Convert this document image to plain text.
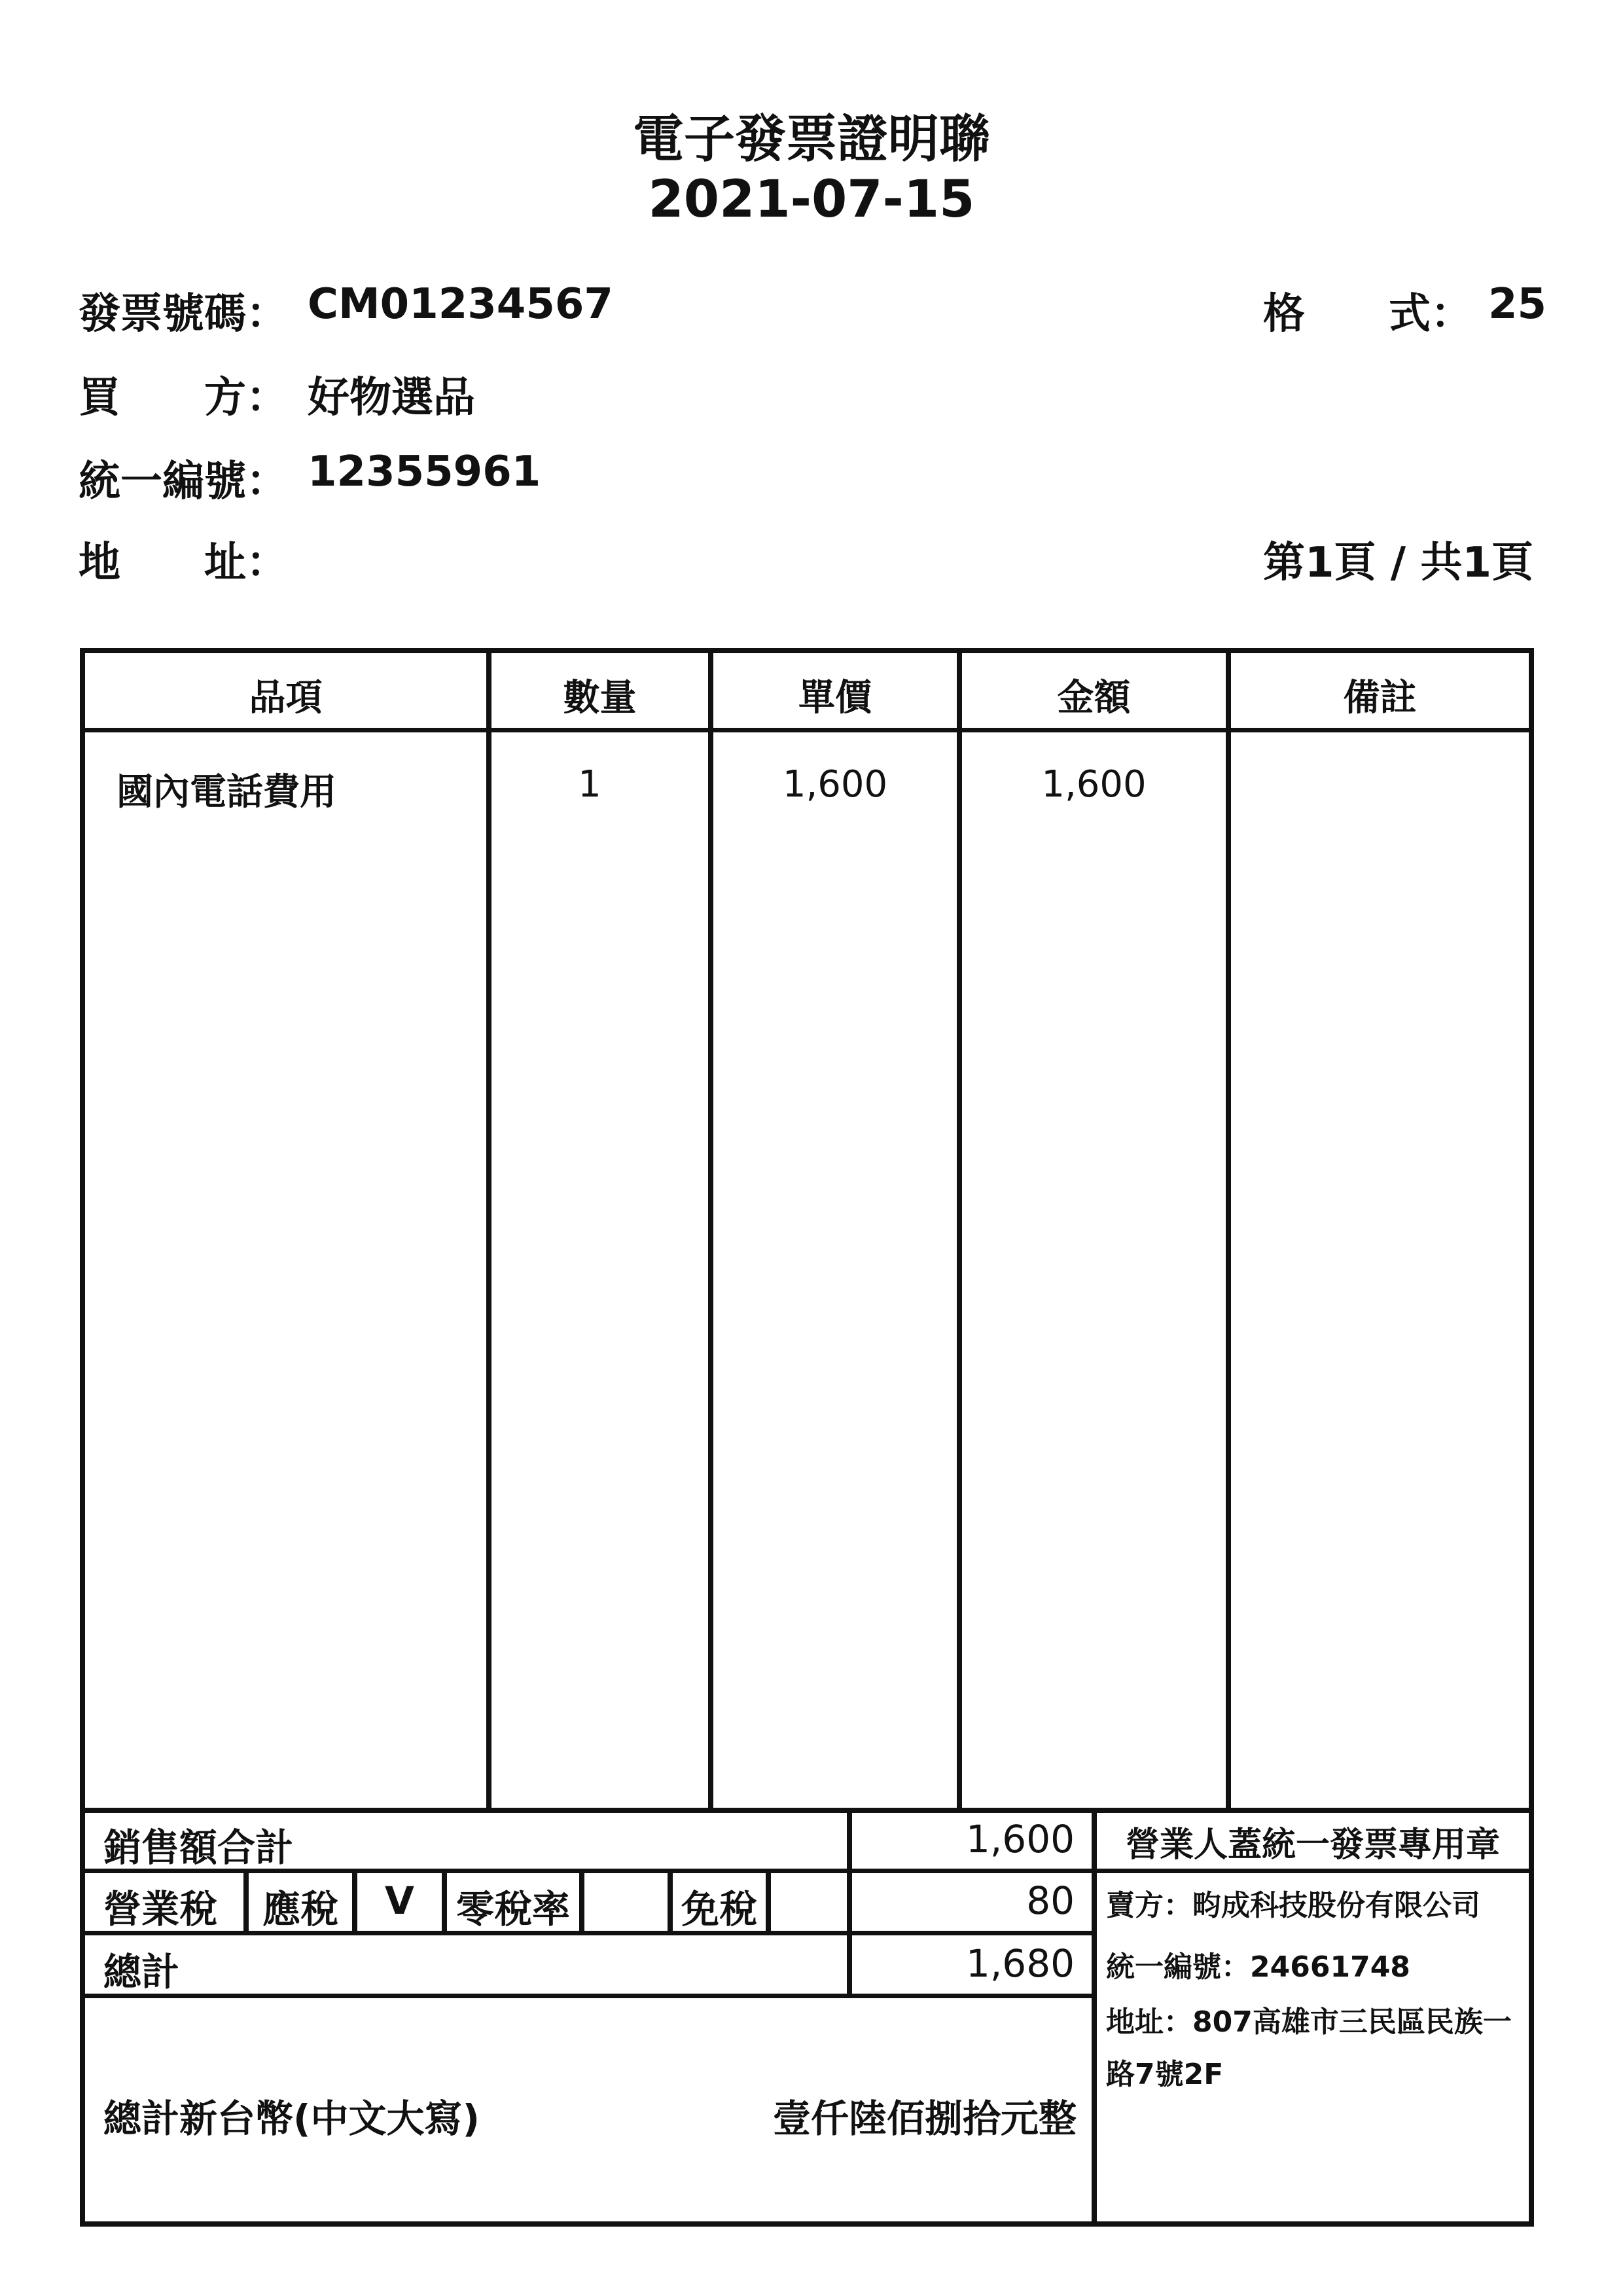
電子發票證明聯
2021-07-15
發票號碼： CM01234567	格　　式： 25
買　　方： 好物選品
統一編號： 12355961
地　　址：	第1頁 / 共1頁
品項	數量	單價	金額	備註
國內電話費用	1	1,600	1,600
銷售額合計	1,600
營業稅	應稅	V	零稅率	免稅	80
總計	1,680
總計新台幣(中文大寫)	壹仟陸佰捌拾元整
營業人蓋統一發票專用章
賣方：畇成科技股份有限公司
統一編號：24661748
地址：807高雄市三民區民族一路7號2F
